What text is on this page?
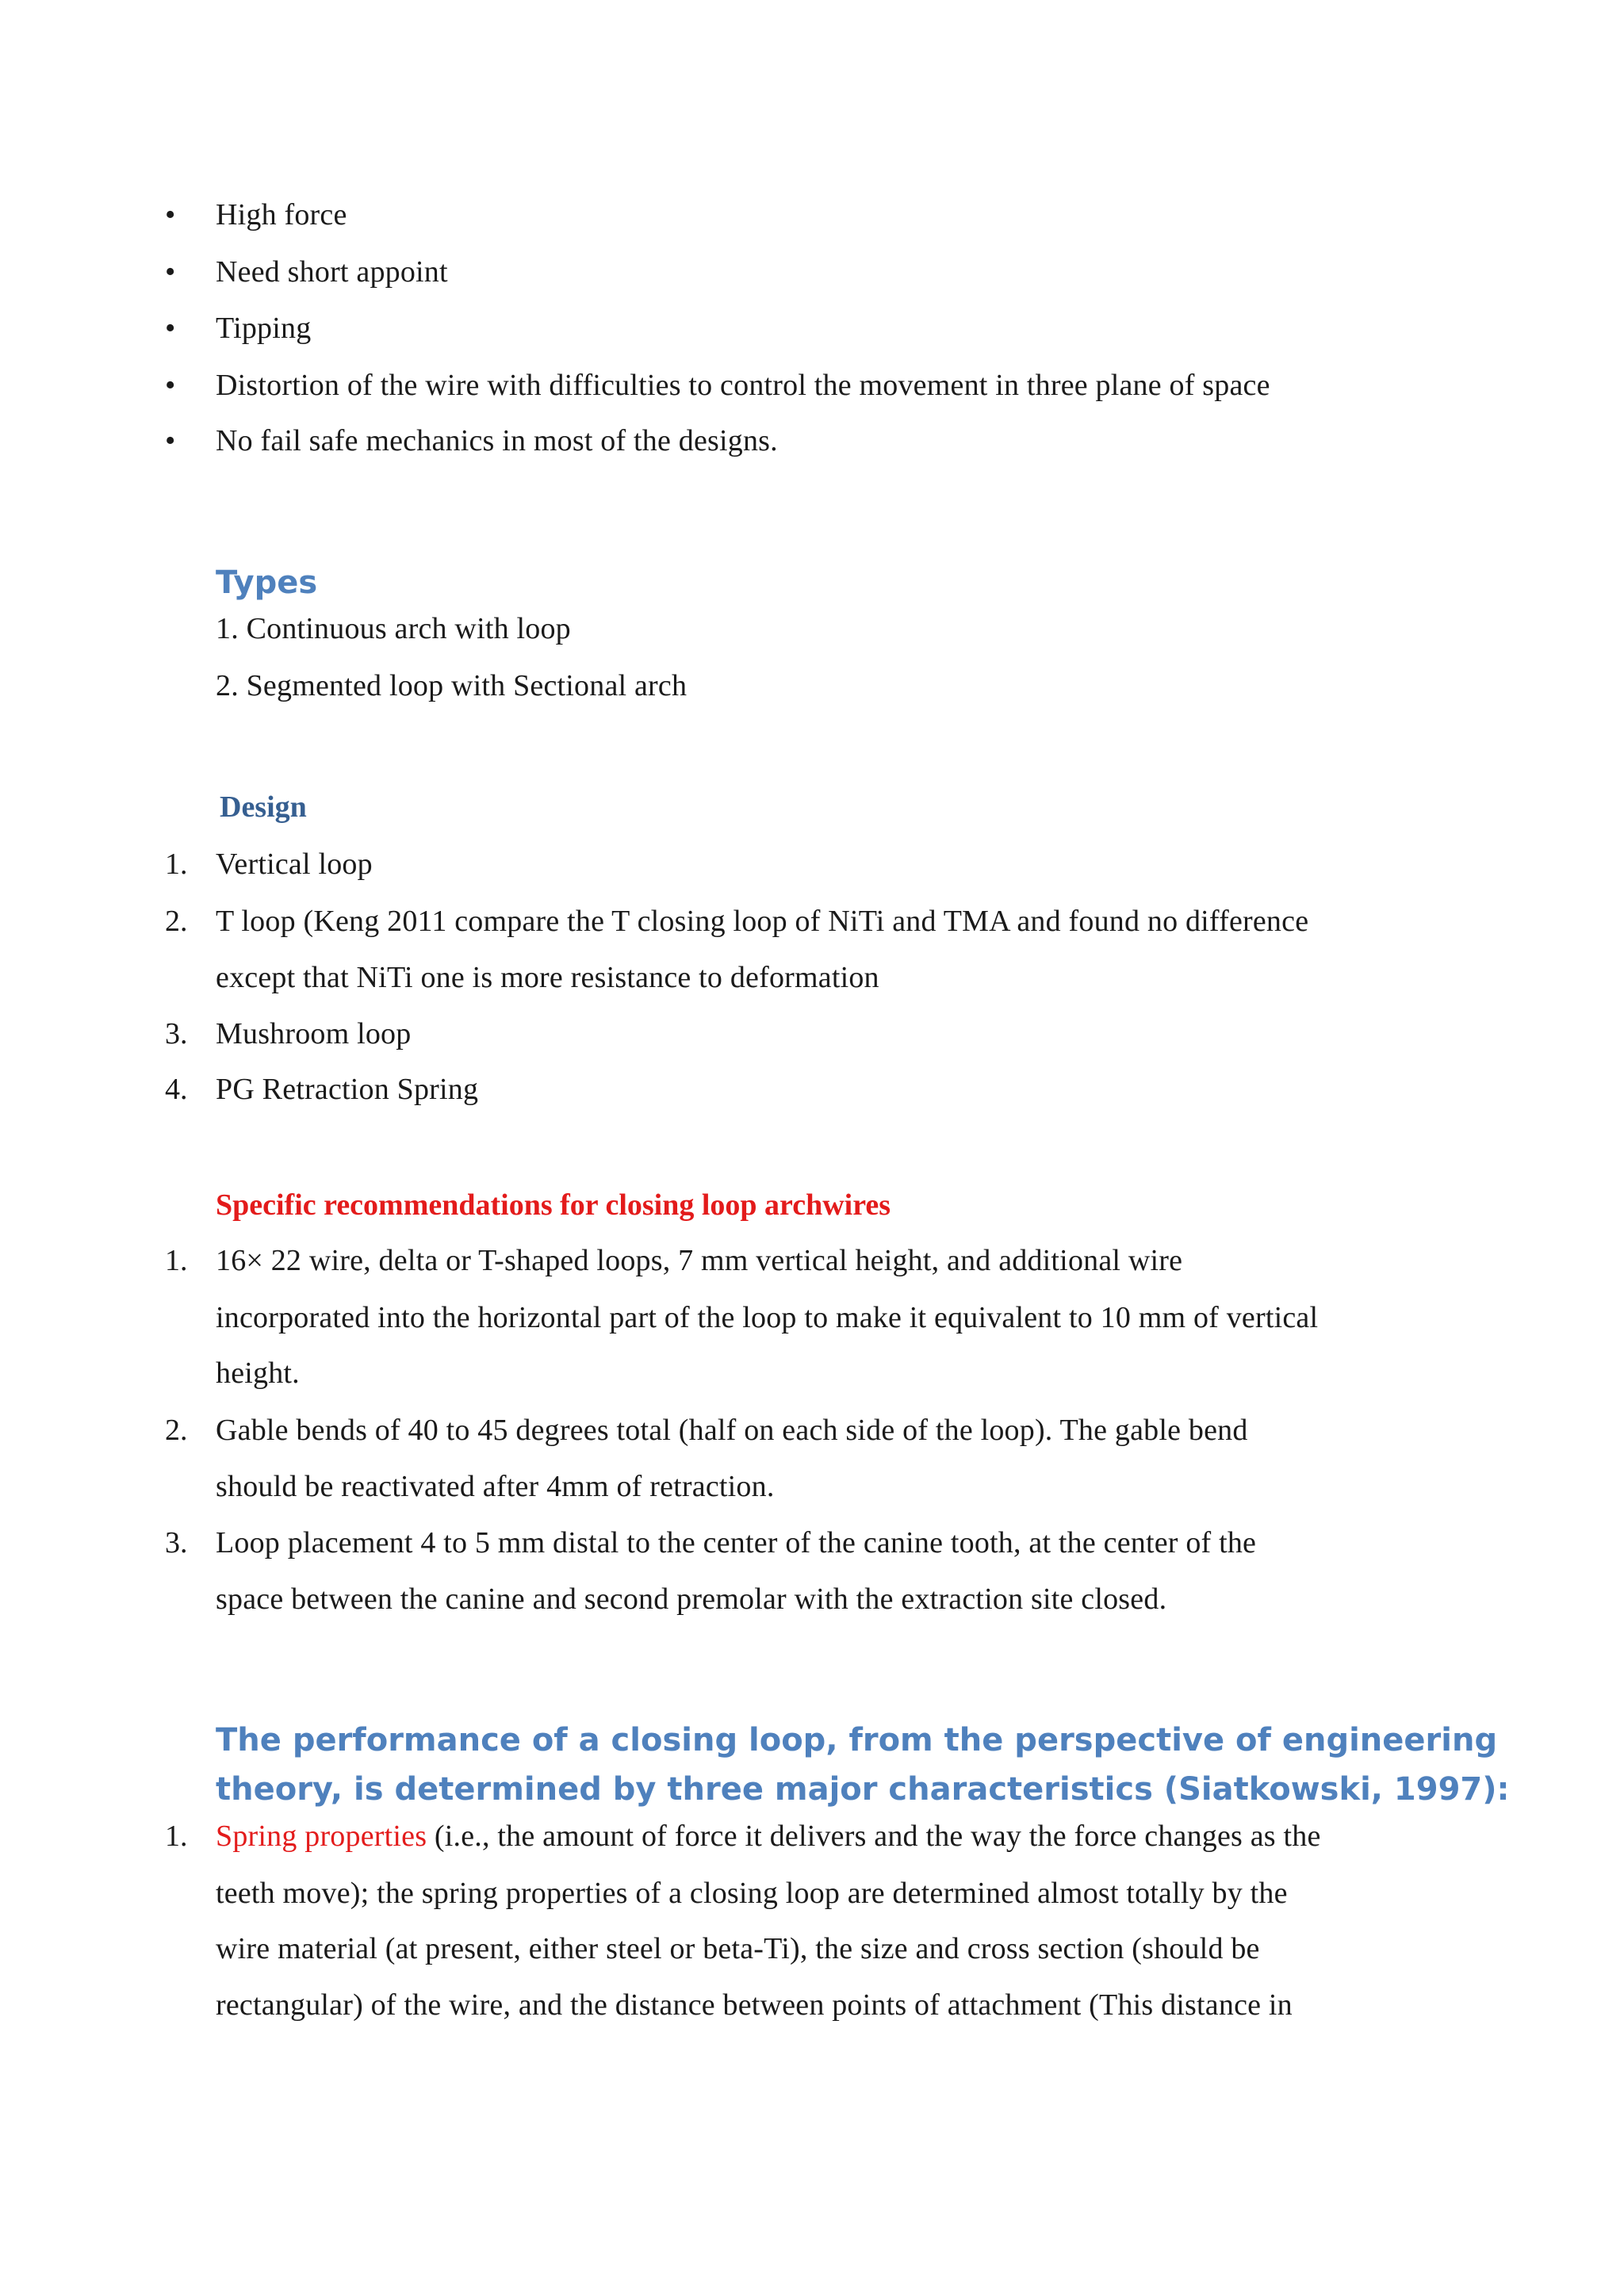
• High force
• Need short appoint
• Tipping
• Distortion of the wire with difficulties to control the movement in three plane of space
• No fail safe mechanics in most of the designs.
Types
1. Continuous arch with loop
2. Segmented loop with Sectional arch
Design
1. Vertical loop
2. T loop (Keng 2011 compare the T closing loop of NiTi and TMA and found no difference
except that NiTi one is more resistance to deformation
3. Mushroom loop
4. PG Retraction Spring
Specific recommendations for closing loop archwires
1. 16× 22 wire, delta or T-shaped loops, 7 mm vertical height, and additional wire
incorporated into the horizontal part of the loop to make it equivalent to 10 mm of vertical
height.
2. Gable bends of 40 to 45 degrees total (half on each side of the loop). The gable bend
should be reactivated after 4mm of retraction.
3. Loop placement 4 to 5 mm distal to the center of the canine tooth, at the center of the
space between the canine and second premolar with the extraction site closed.
The performance of a closing loop, from the perspective of engineering
theory, is determined by three major characteristics (Siatkowski, 1997):
1. Spring properties (i.e., the amount of force it delivers and the way the force changes as the
teeth move); the spring properties of a closing loop are determined almost totally by the
wire material (at present, either steel or beta-Ti), the size and cross section (should be
rectangular) of the wire, and the distance between points of attachment (This distance in
